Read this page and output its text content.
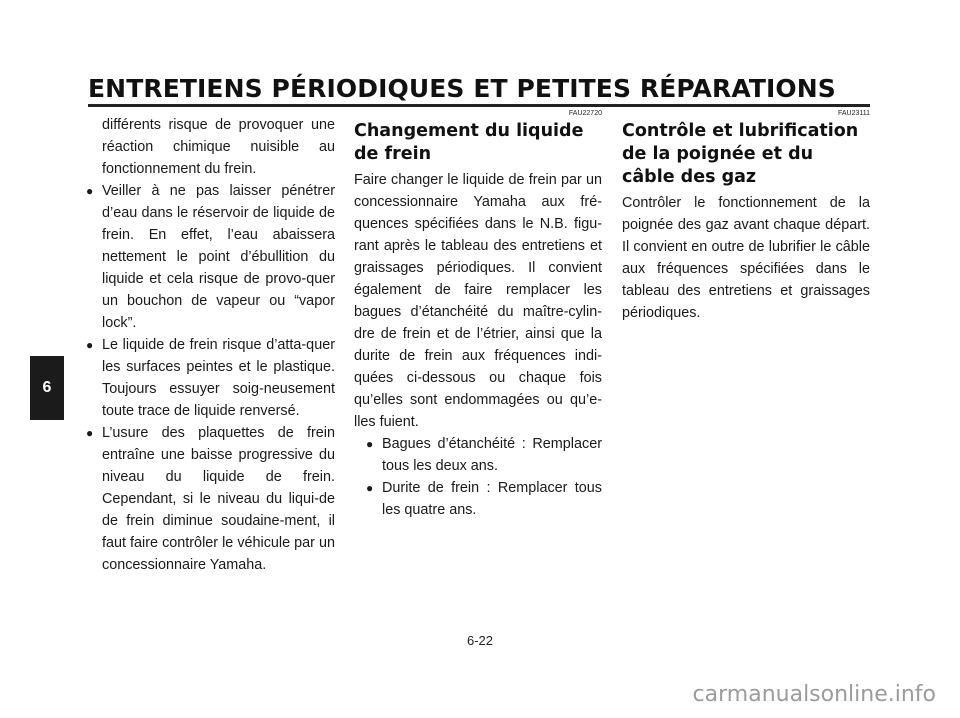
ENTRETIENS PÉRIODIQUES ET PETITES RÉPARATIONS
6

différents risque de provoquer une réaction chimique nuisible au fonctionnement du frein.

● Veiller à ne pas laisser pénétrer d’eau dans le réservoir de liquide de frein. En effet, l’eau abaissera nettement le point d’ébullition du liquide et cela risque de provo-quer un bouchon de vapeur ou “vapor lock”.
● Le liquide de frein risque d’atta-quer les surfaces peintes et le plastique. Toujours essuyer soig-neusement toute trace de liquide renversé.
● L’usure des plaquettes de frein entraîne une baisse progressive du niveau du liquide de frein. Cependant, si le niveau du liqui-de de frein diminue soudaine-ment, il faut faire contrôler le véhicule par un concessionnaire Yamaha.
FAU22720
Changement du liquide de frein

Faire changer le liquide de frein par un concessionnaire Yamaha aux fré-quences spécifiées dans le N.B. figu-rant après le tableau des entretiens et graissages périodiques. Il convient également de faire remplacer les bagues d’étanchéité du maître-cylin-dre de frein et de l’étrier, ainsi que la durite de frein aux fréquences indi-quées ci-dessous ou chaque fois qu’elles sont endommagées ou qu’e-lles fuient.

● Bagues d’étanchéité : Remplacer tous les deux ans.
● Durite de frein : Remplacer tous les quatre ans.
FAU23111
Contrôle et lubrification de la poignée et du câble des gaz

Contrôler le fonctionnement de la poignée des gaz avant chaque départ. Il convient en outre de lubrifier le câble aux fréquences spécifiées dans le tableau des entretiens et graissages périodiques.

6-22
carmanualsonline.info
